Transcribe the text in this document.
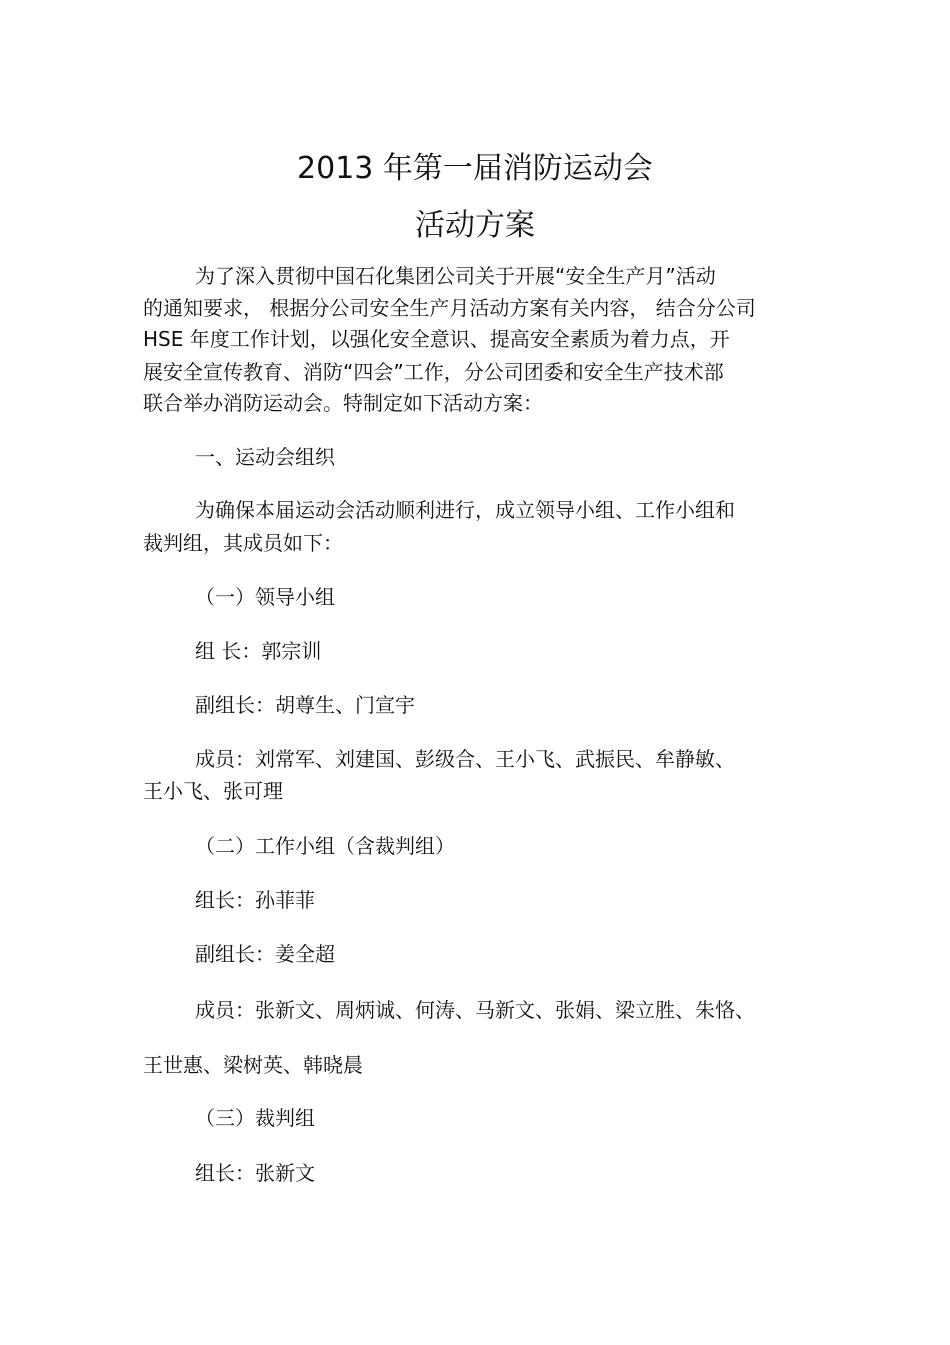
2013 年第一届消防运动会
活动方案
为了深入贯彻中国石化集团公司关于开展“安全生产月”活动
的通知要求， 根据分公司安全生产月活动方案有关内容， 结合分公司
HSE 年度工作计划，以强化安全意识、提高安全素质为着力点，开
展安全宣传教育、消防“四会”工作，分公司团委和安全生产技术部
联合举办消防运动会。特制定如下活动方案：
一、运动会组织
为确保本届运动会活动顺利进行，成立领导小组、工作小组和
裁判组，其成员如下：
（一）领导小组
组 长：郭宗训
副组长：胡尊生、门宣宇
成员：刘常军、刘建国、彭级合、王小飞、武振民、牟静敏、
王小飞、张可理
（二）工作小组（含裁判组）
组长：孙菲菲
副组长：姜全超
成员：张新文、周炳诚、何涛、马新文、张娟、梁立胜、朱恪、
王世惠、梁树英、韩晓晨
（三）裁判组
组长：张新文
